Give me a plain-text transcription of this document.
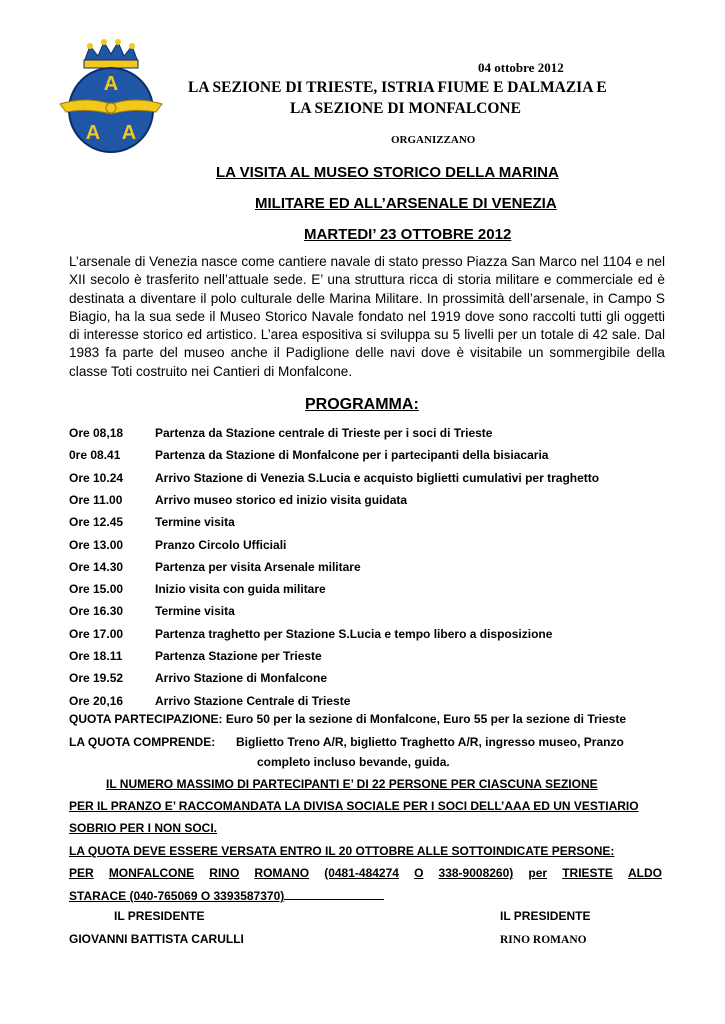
A
A A
04 ottobre 2012
LA SEZIONE DI TRIESTE, ISTRIA FIUME E DALMAZIA E
LA SEZIONE DI MONFALCONE
ORGANIZZANO
LA VISITA AL MUSEO STORICO DELLA MARINA
MILITARE ED ALL’ARSENALE DI VENEZIA
MARTEDI’ 23 OTTOBRE 2012
L’arsenale di Venezia nasce come cantiere navale di stato presso Piazza San Marco nel 1104 e nel XII secolo è trasferito nell’attuale sede. E’ una struttura ricca di storia militare e commerciale ed è destinata a diventare il polo culturale delle Marina Militare. In prossimità dell’arsenale, in Campo S Biagio, ha la sua sede il Museo Storico Navale fondato nel 1919 dove sono raccolti tutti gli oggetti di interesse storico ed artistico. L’area espositiva si sviluppa su 5 livelli per un totale di 42 sale. Dal 1983 fa parte del museo anche il Padiglione delle navi dove è visitabile un sommergibile della classe Toti costruito nei Cantieri di Monfalcone.
PROGRAMMA:
Ore 08,18	Partenza da Stazione centrale di Trieste per i soci di Trieste
0re 08.41	Partenza da Stazione di Monfalcone per i partecipanti della bisiacaria
Ore 10.24	Arrivo Stazione di Venezia S.Lucia e acquisto biglietti cumulativi per traghetto
Ore 11.00	Arrivo museo storico ed inizio visita guidata
Ore 12.45	Termine visita
Ore 13.00	Pranzo Circolo Ufficiali
Ore 14.30	Partenza per visita Arsenale militare
Ore 15.00	Inizio visita con guida militare
Ore 16.30	Termine visita
Ore 17.00	Partenza traghetto per Stazione S.Lucia e tempo libero a disposizione
Ore 18.11	Partenza Stazione per Trieste
Ore 19.52	Arrivo Stazione di Monfalcone
Ore 20,16	Arrivo Stazione Centrale di Trieste
QUOTA PARTECIPAZIONE: Euro 50 per la sezione di Monfalcone, Euro 55 per la sezione di Trieste
LA QUOTA COMPRENDE: Biglietto Treno A/R, biglietto Traghetto A/R, ingresso museo, Pranzo
completo incluso bevande, guida.
IL NUMERO MASSIMO DI PARTECIPANTI E’ DI 22 PERSONE PER CIASCUNA SEZIONE
PER IL PRANZO E’ RACCOMANDATA LA DIVISA SOCIALE PER I SOCI DELL’AAA ED UN VESTIARIO
SOBRIO PER I NON SOCI.
LA QUOTA DEVE ESSERE VERSATA ENTRO IL 20 OTTOBRE ALLE SOTTOINDICATE PERSONE:
PER MONFALCONE RINO ROMANO (0481-484274 O 338-9008260) per TRIESTE ALDO
STARACE (040-765069 O 3393587370)
IL PRESIDENTE	IL PRESIDENTE
GIOVANNI BATTISTA CARULLI	RINO ROMANO
